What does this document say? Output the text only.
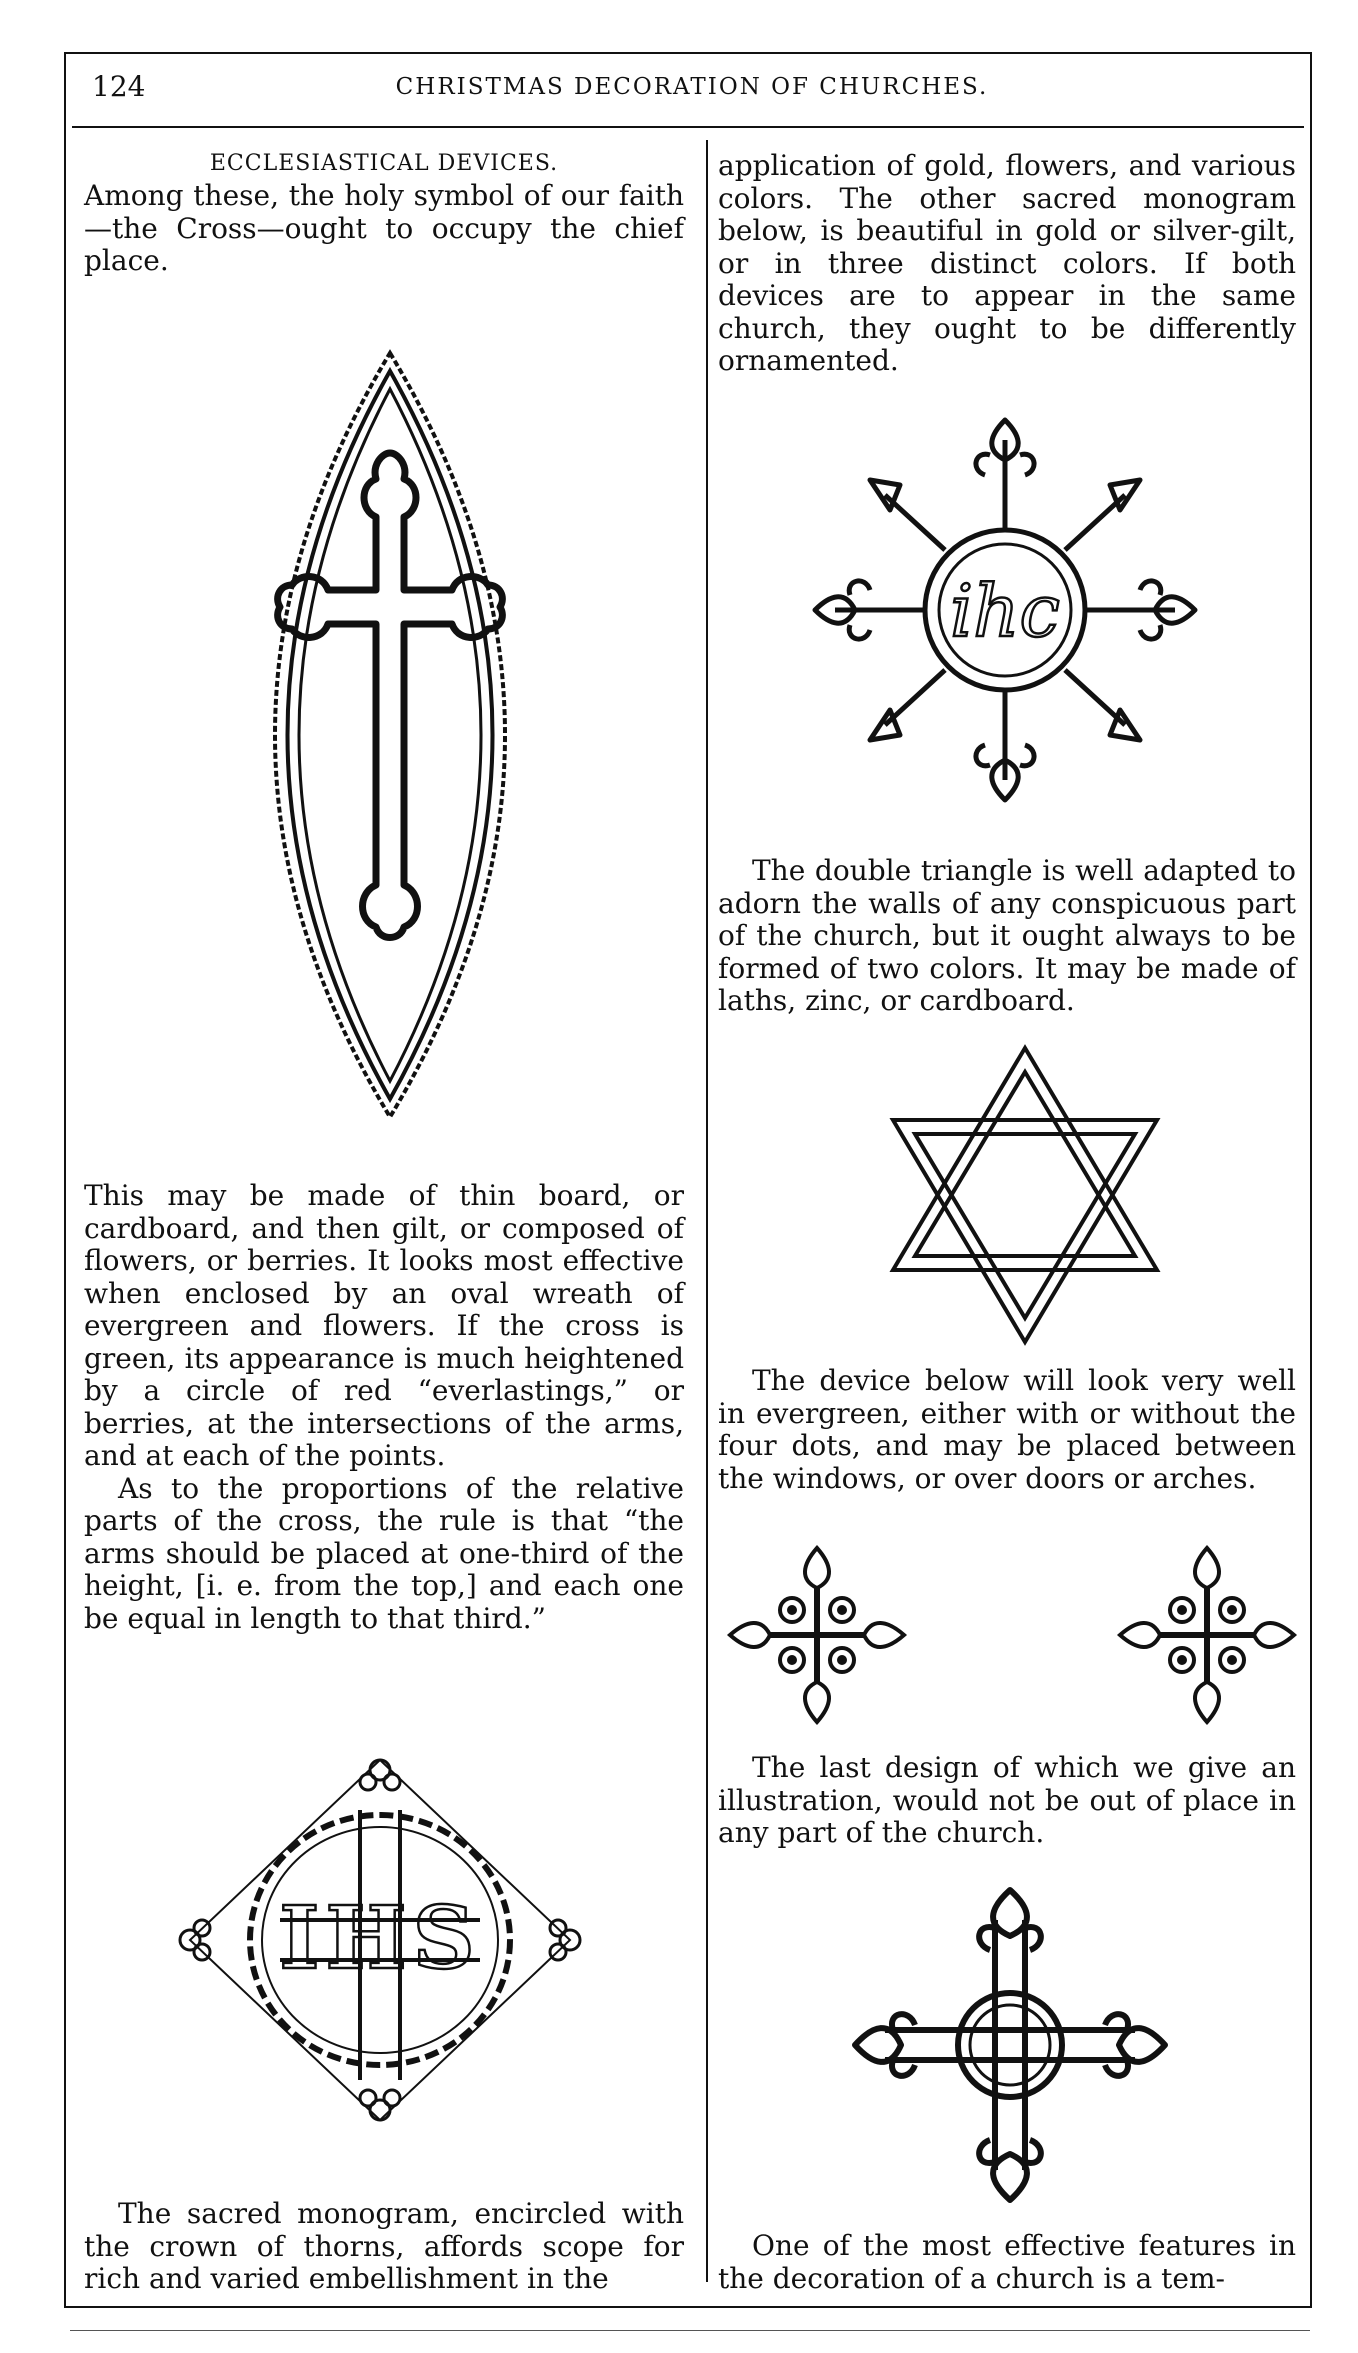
124	CHRISTMAS DECORATION OF CHURCHES.
ECCLESIASTICAL DEVICES.

Among these, the holy symbol of our faith—the Cross—ought to occupy the chief place.

This may be made of thin board, or cardboard, and then gilt, or composed of flowers, or berries. It looks most effective when enclosed by an oval wreath of evergreen and flowers. If the cross is green, its appearance is much heightened by a circle of red “everlastings,” or berries, at the intersections of the arms, and at each of the points.

As to the proportions of the relative parts of the cross, the rule is that “the arms should be placed at one-third of the height, [i. e. from the top,] and each one be equal in length to that third.”

IHS

The sacred monogram, encircled with the crown of thorns, affords scope for rich and varied embellishment in the

application of gold, flowers, and various colors. The other sacred monogram below, is beautiful in gold or silver-gilt, or in three distinct colors. If both devices are to appear in the same church, they ought to be differently ornamented.

ihc

The double triangle is well adapted to adorn the walls of any conspicuous part of the church, but it ought always to be formed of two colors. It may be made of laths, zinc, or cardboard.

The device below will look very well in evergreen, either with or without the four dots, and may be placed between the windows, or over doors or arches.

The last design of which we give an illustration, would not be out of place in any part of the church.

One of the most effective features in the decoration of a church is a tem-
